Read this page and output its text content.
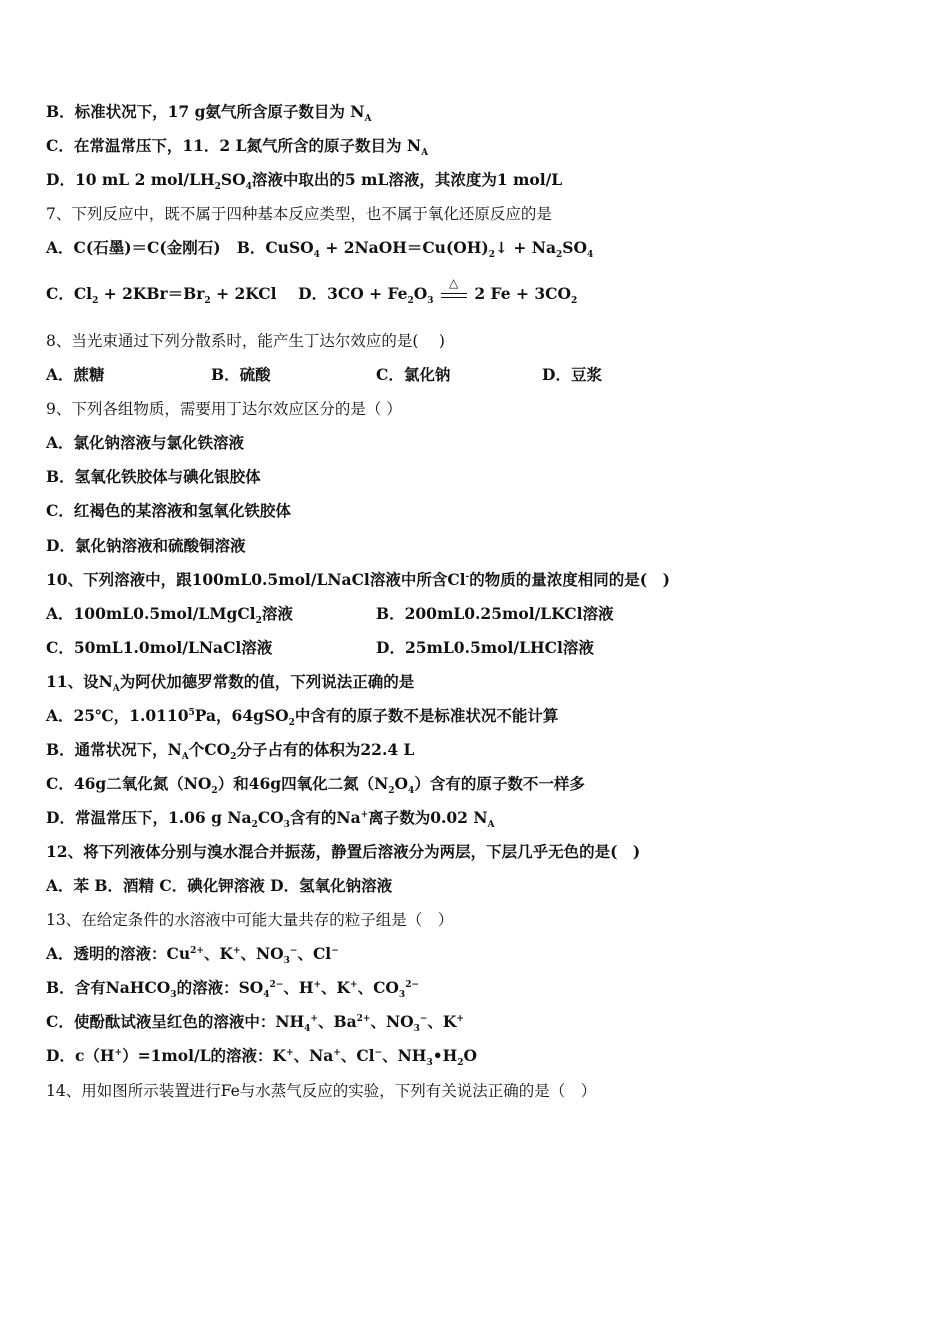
B．标准状况下，17 g氨气所含原子数目为 $N_A$
C．在常温常压下，11．2 L氮气所含的原子数目为 $N_A$
D．10 mL 2 mol/$LH_2SO_4$溶液中取出的5 mL溶液，其浓度为1 mol/L
7、下列反应中，既不属于四种基本反应类型，也不属于氧化还原反应的是
A．C(石墨)＝C(金刚石) B．CuSO$_4$ + $2NaOH=Cu(OH)_2↓ + Na_2SO_4$
C．$Cl_2 + 2KBr=Br_2 + 2KCl$ D．$3CO + Fe_2O_3$
△
2 $Fe + 3CO_2$
8、当光束通过下列分散系时，能产生丁达尔效应的是(　 )
A．蔗糖	B．硫酸	C．氯化钠	D．豆浆
9、下列各组物质，需要用丁达尔效应区分的是（ ）
A．氯化钠溶液与氯化铁溶液
B．氢氧化铁胶体与碘化银胶体
C．红褐色的某溶液和氢氧化铁胶体
D．氯化钠溶液和硫酸铜溶液
10、下列溶液中，跟100mL0.5mol/LNaCl溶液中所含Cl-的物质的量浓度相同的是(　)
A．100mL0.5mol/LMgCl$_2$溶液	B．200mL0.25mol/LKCl溶液
C．50mL1.0mol/LNaCl溶液	D．25mL0.5mol/LHCl溶液
11、设$N_A$为阿伏加德罗常数的值，下列说法正确的是
A．25℃，1.0110$^5$Pa，64gSO$_2$中含有的原子数不是标准状况不能计算
B．通常状况下，$N_A$个$CO_2$分子占有的体积为22.4 L
C．46g二氧化氮$(NO_2)$和46g四氧化二氮$(N_2O_4)$含有的原子数不一样多
D．常温常压下，1.06 g $Na_2CO_3$含有的Na+离子数为0.02 $N_A$
12、将下列液体分别与溴水混合并振荡，静置后溶液分为两层，下层几乎无色的是(　)
A．苯 B．酒精 C．碘化钾溶液 D．氢氧化钠溶液
13、在给定条件的水溶液中可能大量共存的粒子组是（　）
A．透明的溶液：$Cu^{2+}$、K+、$NO_3^-$、Cl−
B．含有NaHCO$_3$的溶液：$SO_4^{2-}$、H+、K+、$CO_3^{2-}$
C．使酚酞试液呈红色的溶液中：$NH_4^+$、$Ba^{2+}$、$NO_3^-$、K+
D．c（H+）=1mol/L的溶液：K+、Na+、Cl−、$NH_3•H_2O$
14、用如图所示装置进行Fe与水蒸气反应的实验，下列有关说法正确的是（　）
